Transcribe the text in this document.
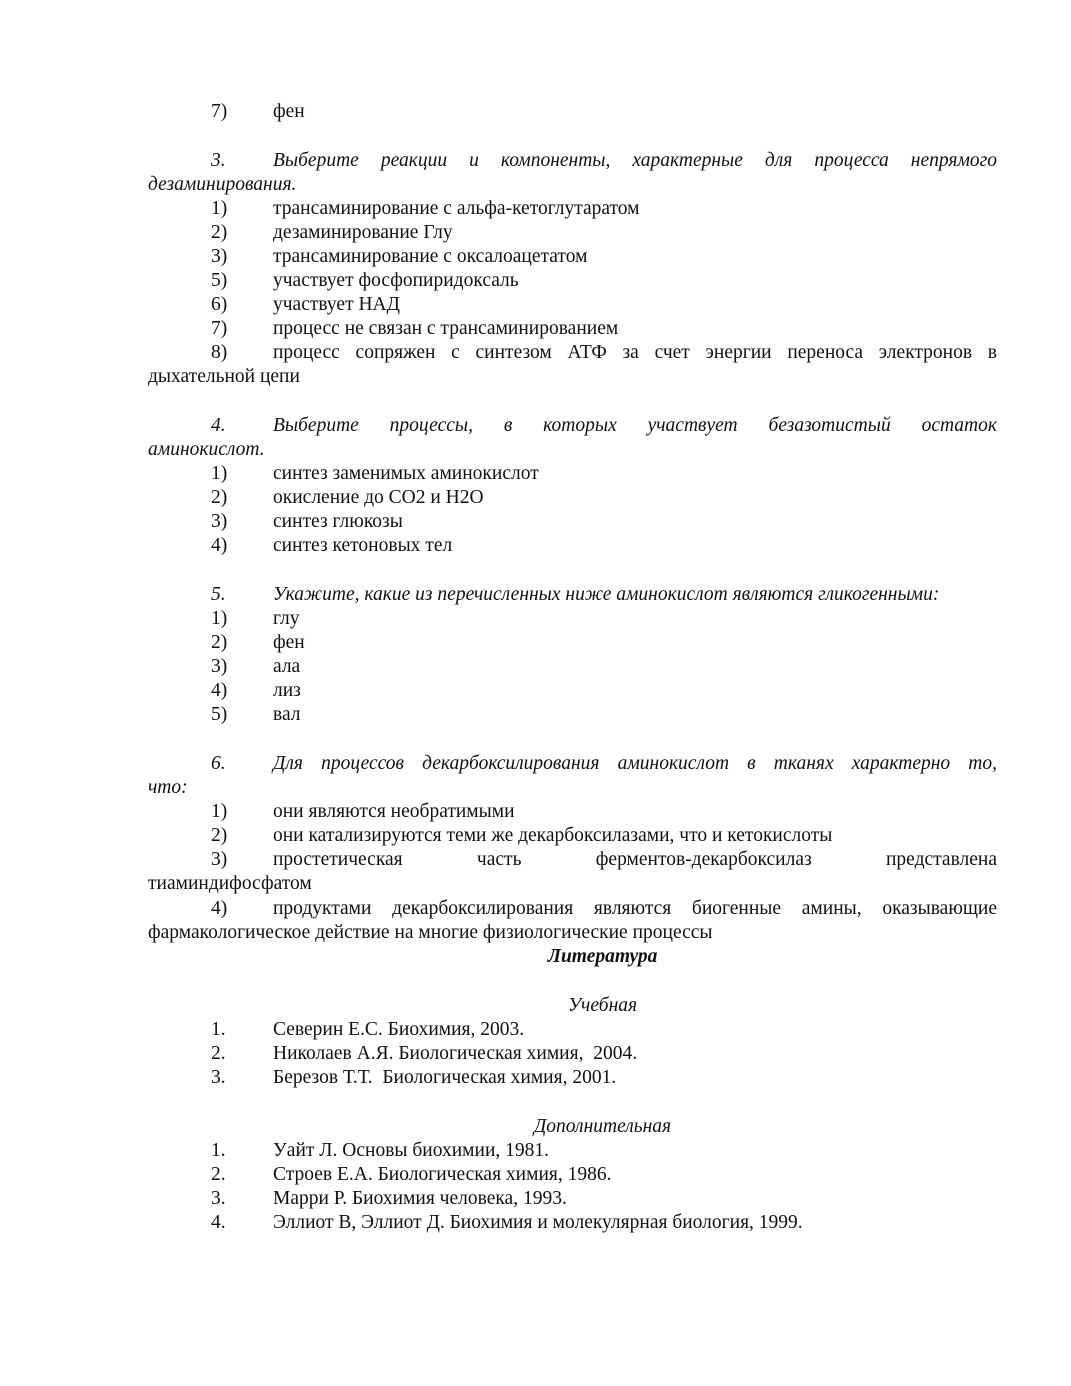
7) фен
3. Выберите реакции и компоненты, характерные для процесса непрямого
дезаминирования.
1) трансаминирование с альфа-кетоглутаратом
2) дезаминирование Глу
3) трансаминирование с оксалоацетатом
5) участвует фосфопиридоксаль
6) участвует НАД
7) процесс не связан с трансаминированием
8) процесс сопряжен с синтезом АТФ за счет энергии переноса электронов в
дыхательной цепи
4. Выберите процессы, в которых участвует безазотистый остаток
аминокислот.
1) синтез заменимых аминокислот
2) окисление до СО2 и Н2О
3) синтез глюкозы
4) синтез кетоновых тел
5. Укажите, какие из перечисленных ниже аминокислот являются гликогенными:
1) глу
2) фен
3) ала
4) лиз
5) вал
6. Для процессов декарбоксилирования аминокислот в тканях характерно то,
что:
1) они являются необратимыми
2) они катализируются теми же декарбоксилазами, что и кетокислоты
3) простетическая часть ферментов-декарбоксилаз представлена
тиаминдифосфатом
4) продуктами декарбоксилирования являются биогенные амины, оказывающие
фармакологическое действие на многие физиологические процессы
Литература
Учебная
1. Северин Е.С. Биохимия, 2003.
2. Николаев А.Я. Биологическая химия,  2004.
3. Березов Т.Т.  Биологическая химия, 2001.
Дополнительная
1. Уайт Л. Основы биохимии, 1981.
2. Строев Е.А. Биологическая химия, 1986.
3. Марри Р. Биохимия человека, 1993.
4. Эллиот В, Эллиот Д. Биохимия и молекулярная биология, 1999.
